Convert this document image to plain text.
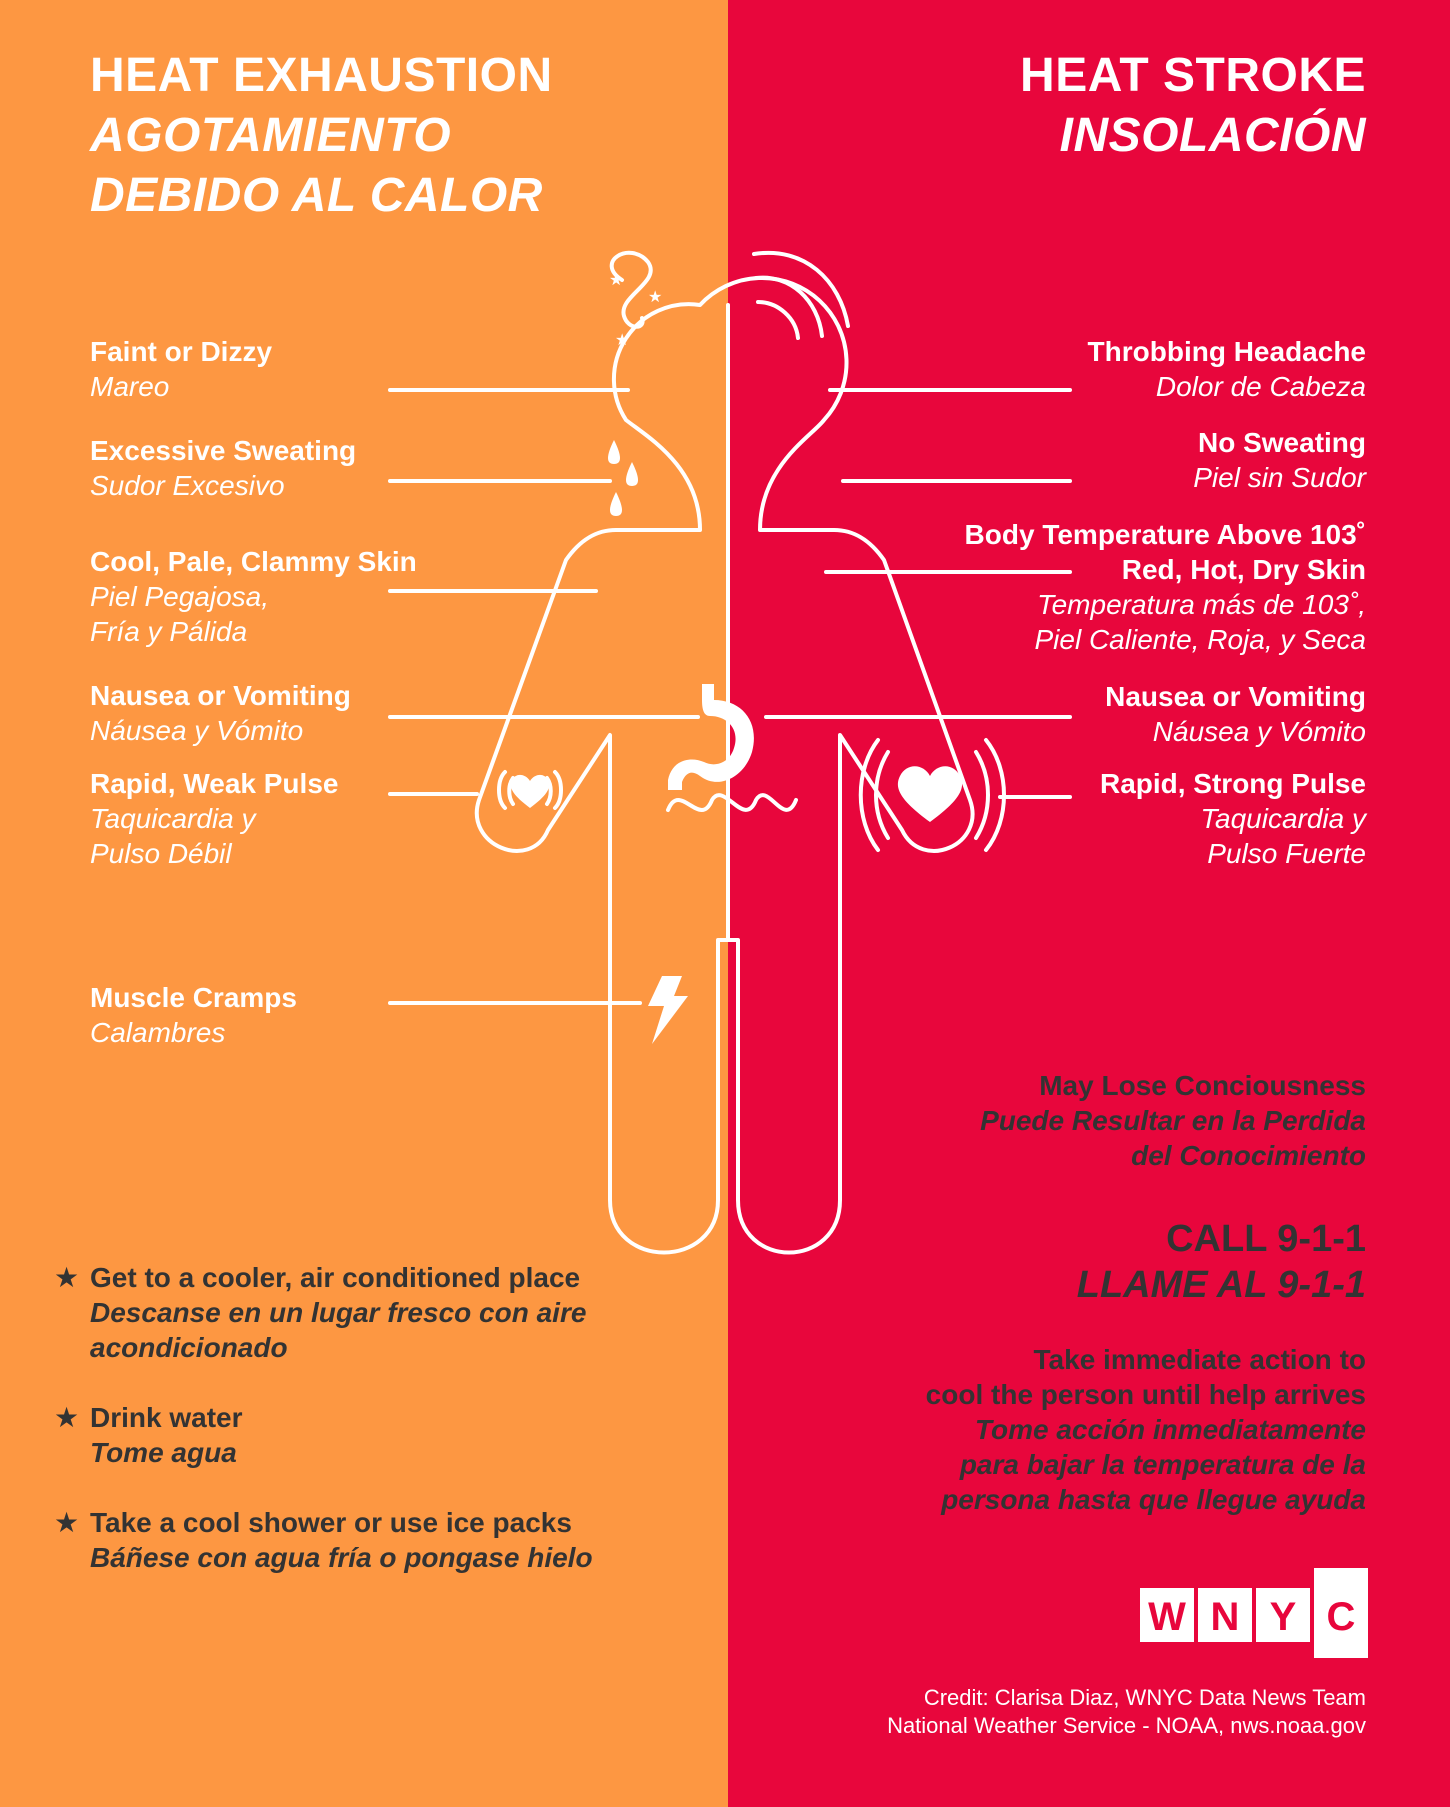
★
★
★
HEAT EXHAUSTION
AGOTAMIENTO DEBIDO AL CALOR
HEAT STROKE
INSOLACIÓN
Faint or Dizzy
Mareo
Excessive Sweating
Sudor Excesivo
Cool, Pale, Clammy Skin
Piel Pegajosa,
Fría y Pálida
Nausea or Vomiting
Náusea y Vómito
Rapid, Weak Pulse
Taquicardia y
Pulso Débil
Muscle Cramps
Calambres
Throbbing Headache
Dolor de Cabeza
No Sweating
Piel sin Sudor
Body Temperature Above 103˚
Red, Hot, Dry Skin
Temperatura más de 103˚,
Piel Caliente, Roja, y Seca
Nausea or Vomiting
Náusea y Vómito
Rapid, Strong Pulse
Taquicardia y
Pulso Fuerte
May Lose Conciousness
Puede Resultar en la Perdida
del Conocimiento
CALL 9-1-1
LLAME AL 9-1-1
Take immediate action to
cool the person until help arrives
Tome acción inmediatamente
para bajar la temperatura de la
persona hasta que llegue ayuda
★ Get to a cooler, air conditioned place
Descanse en un lugar fresco con aire
acondicionado
★ Drink water
Tome agua
★ Take a cool shower or use ice packs
Báñese con agua fría o pongase hielo
W N Y C
Credit: Clarisa Diaz, WNYC Data News Team
National Weather Service - NOAA, nws.noaa.gov
